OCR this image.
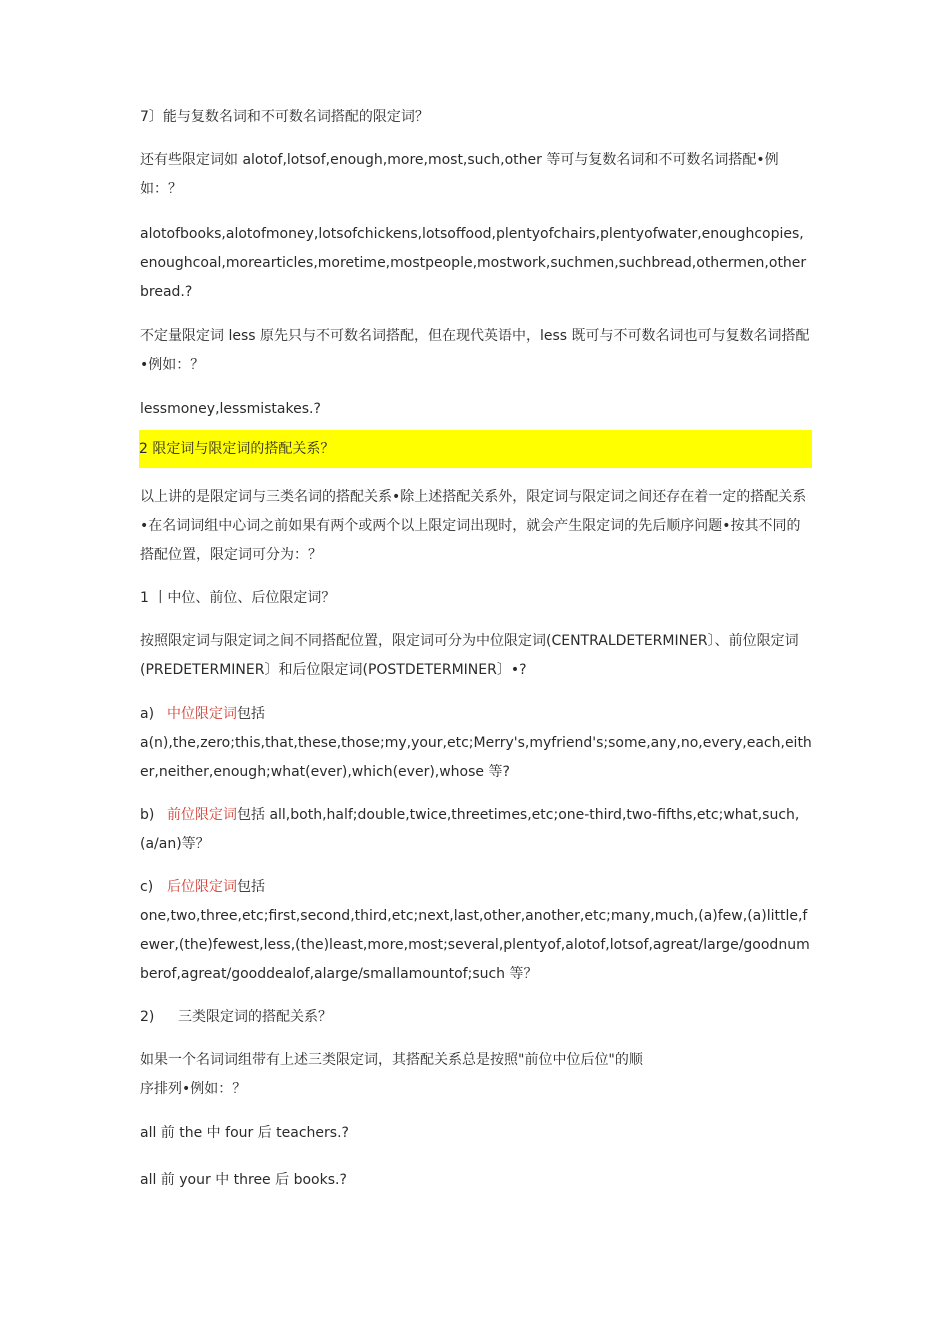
7〕能与复数名词和不可数名词搭配的限定词？

还有些限定词如 alotof,lotsof,enough,more,most,such,other 等可与复数名词和不可数名词搭配•例如：？

alotofbooks,alotofmoney,lotsofchickens,lotsoffood,plentyofchairs,plentyofwater,enoughcopies,enoughcoal,morearticles,moretime,mostpeople,mostwork,suchmen,suchbread,othermen,otherbread.?

不定量限定词 less 原先只与不可数名词搭配，但在现代英语中，less 既可与不可数名词也可与复数名词搭配•例如：？

lessmoney,lessmistakes.?

2 限定词与限定词的搭配关系？

以上讲的是限定词与三类名词的搭配关系•除上述搭配关系外，限定词与限定词之间还存在着一定的搭配关系•在名词词组中心词之前如果有两个或两个以上限定词出现时，就会产生限定词的先后顺序问题•按其不同的搭配位置，限定词可分为：？

1 丨中位、前位、后位限定词？

按照限定词与限定词之间不同搭配位置，限定词可分为中位限定词(CENTRALDETERMINER〕、前位限定词(PREDETERMINER〕和后位限定词(POSTDETERMINER〕•?

a) 中位限定词包括
a(n),the,zero;this,that,these,those;my,your,etc;Merry's,myfriend's;some,any,no,every,each,either,neither,enough;what(ever),which(ever),whose 等?

b) 前位限定词包括 all,both,half;double,twice,threetimes,etc;one-third,two-fifths,etc;what,such,(a/an)等？

c) 后位限定词包括
one,two,three,etc;first,second,third,etc;next,last,other,another,etc;many,much,(a)few,(a)little,fewer,(the)fewest,less,(the)least,more,most;several,plentyof,alotof,lotsof,agreat/large/goodnumberof,agreat/gooddealof,alarge/smallamountof;such 等？

2) 三类限定词的搭配关系？

如果一个名词词组带有上述三类限定词，其搭配关系总是按照"前位中位后位"的顺
序排列•例如：？

all 前 the 中 four 后 teachers.?

all 前 your 中 three 后 books.?
